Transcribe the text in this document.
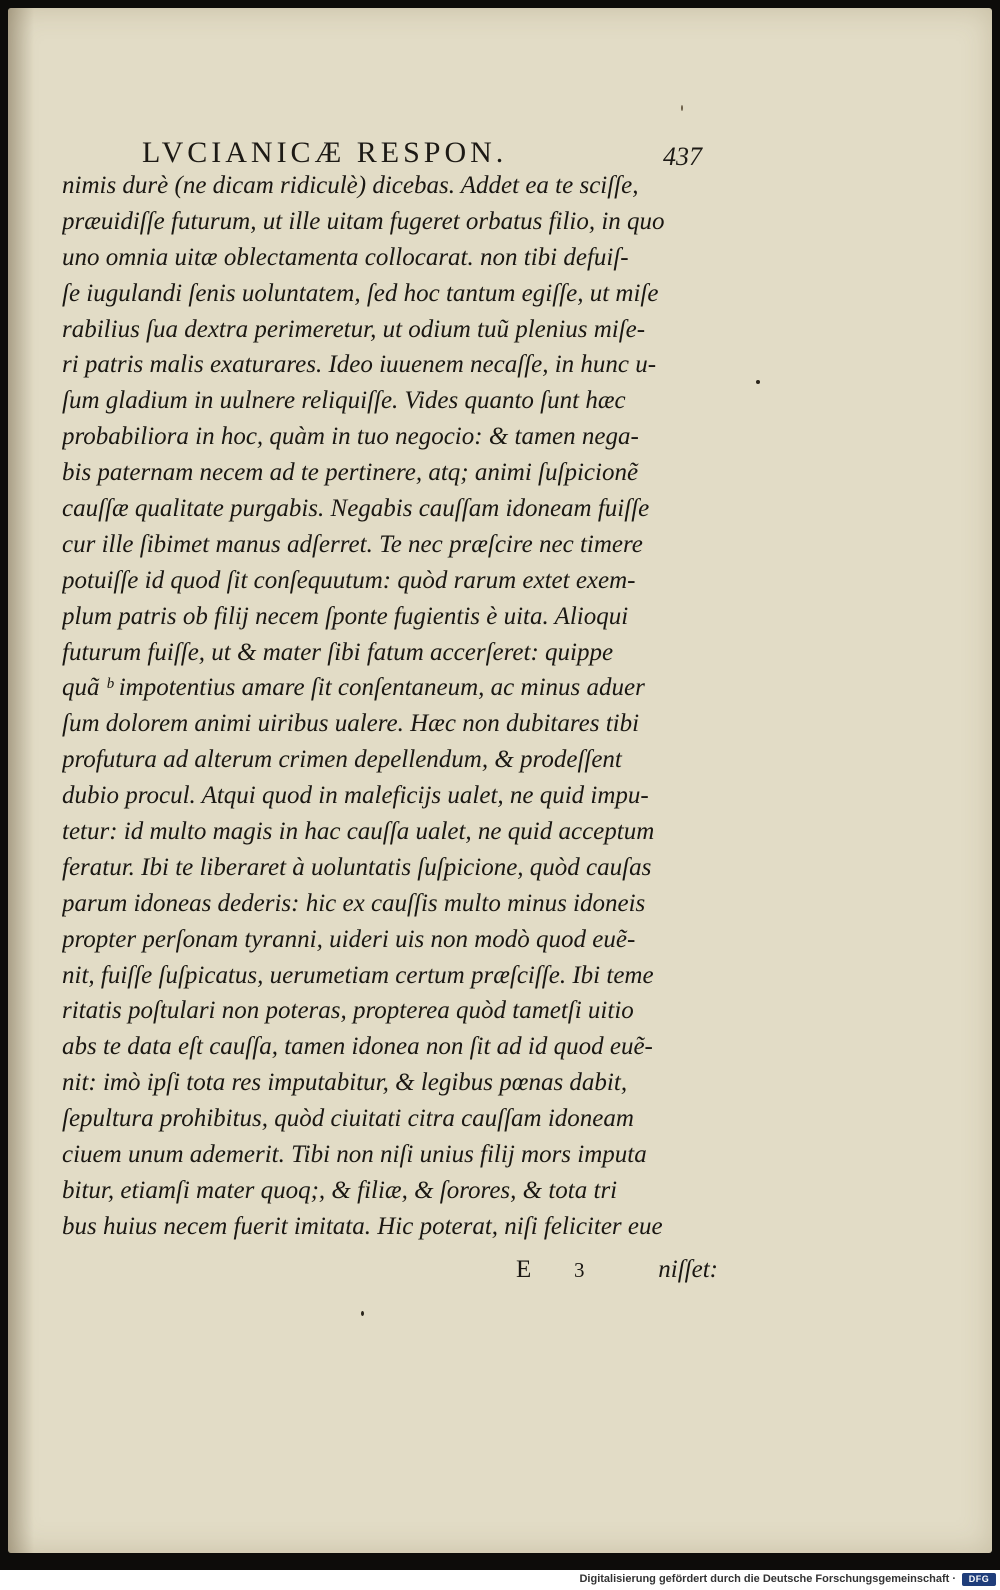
LVCIANICÆ RESPON.	437
nimis durè (ne dicam ridiculè) dicebas. Addet ea te sciſſe,
præuidiſſe futurum, ut ille uitam fugeret orbatus filio, in quo
uno omnia uitæ oblectamenta collocarat. non tibi defuiſ-
ſe iugulandi ſenis uoluntatem, ſed hoc tantum egiſſe, ut miſe
rabilius ſua dextra perimeretur, ut odium tuũ plenius miſe-
ri patris malis exaturares. Ideo iuuenem necaſſe, in hunc u-
ſum gladium in uulnere reliquiſſe. Vides quanto ſunt hæc
probabiliora in hoc, quàm in tuo negocio: & tamen nega-
bis paternam necem ad te pertinere, atq; animi ſuſpicionẽ
cauſſæ qualitate purgabis. Negabis cauſſam idoneam fuiſſe
cur ille ſibimet manus adſerret. Te nec præſcire nec timere
potuiſſe id quod ſit conſequutum: quòd rarum extet exem-
plum patris ob filij necem ſponte fugientis è uita. Alioqui
futurum fuiſſe, ut & mater ſibi fatum accerſeret: quippe
quã ᵇ impotentius amare ſit conſentaneum, ac minus aduer
ſum dolorem animi uiribus ualere. Hæc non dubitares tibi
profutura ad alterum crimen depellendum, & prodeſſent
dubio procul. Atqui quod in maleficijs ualet, ne quid impu-
tetur: id multo magis in hac cauſſa ualet, ne quid acceptum
feratur. Ibi te liberaret à uoluntatis ſuſpicione, quòd cauſas
parum idoneas dederis: hic ex cauſſis multo minus idoneis
propter perſonam tyranni, uideri uis non modò quod euẽ-
nit, fuiſſe ſuſpicatus, uerumetiam certum præſciſſe. Ibi teme
ritatis poſtulari non poteras, propterea quòd tametſi uitio
abs te data eſt cauſſa, tamen idonea non ſit ad id quod euẽ-
nit: imò ipſi tota res imputabitur, & legibus pœnas dabit,
ſepultura prohibitus, quòd ciuitati citra cauſſam idoneam
ciuem unum ademerit. Tibi non niſi unius filij mors imputa
bitur, etiamſi mater quoq;, & filiæ, & ſorores, & tota tri
bus huius necem fuerit imitata. Hic poterat, niſi feliciter eue
E 3	niſſet:
Digitalisierung gefördert durch die Deutsche Forschungsgemeinschaft ·	DFG
